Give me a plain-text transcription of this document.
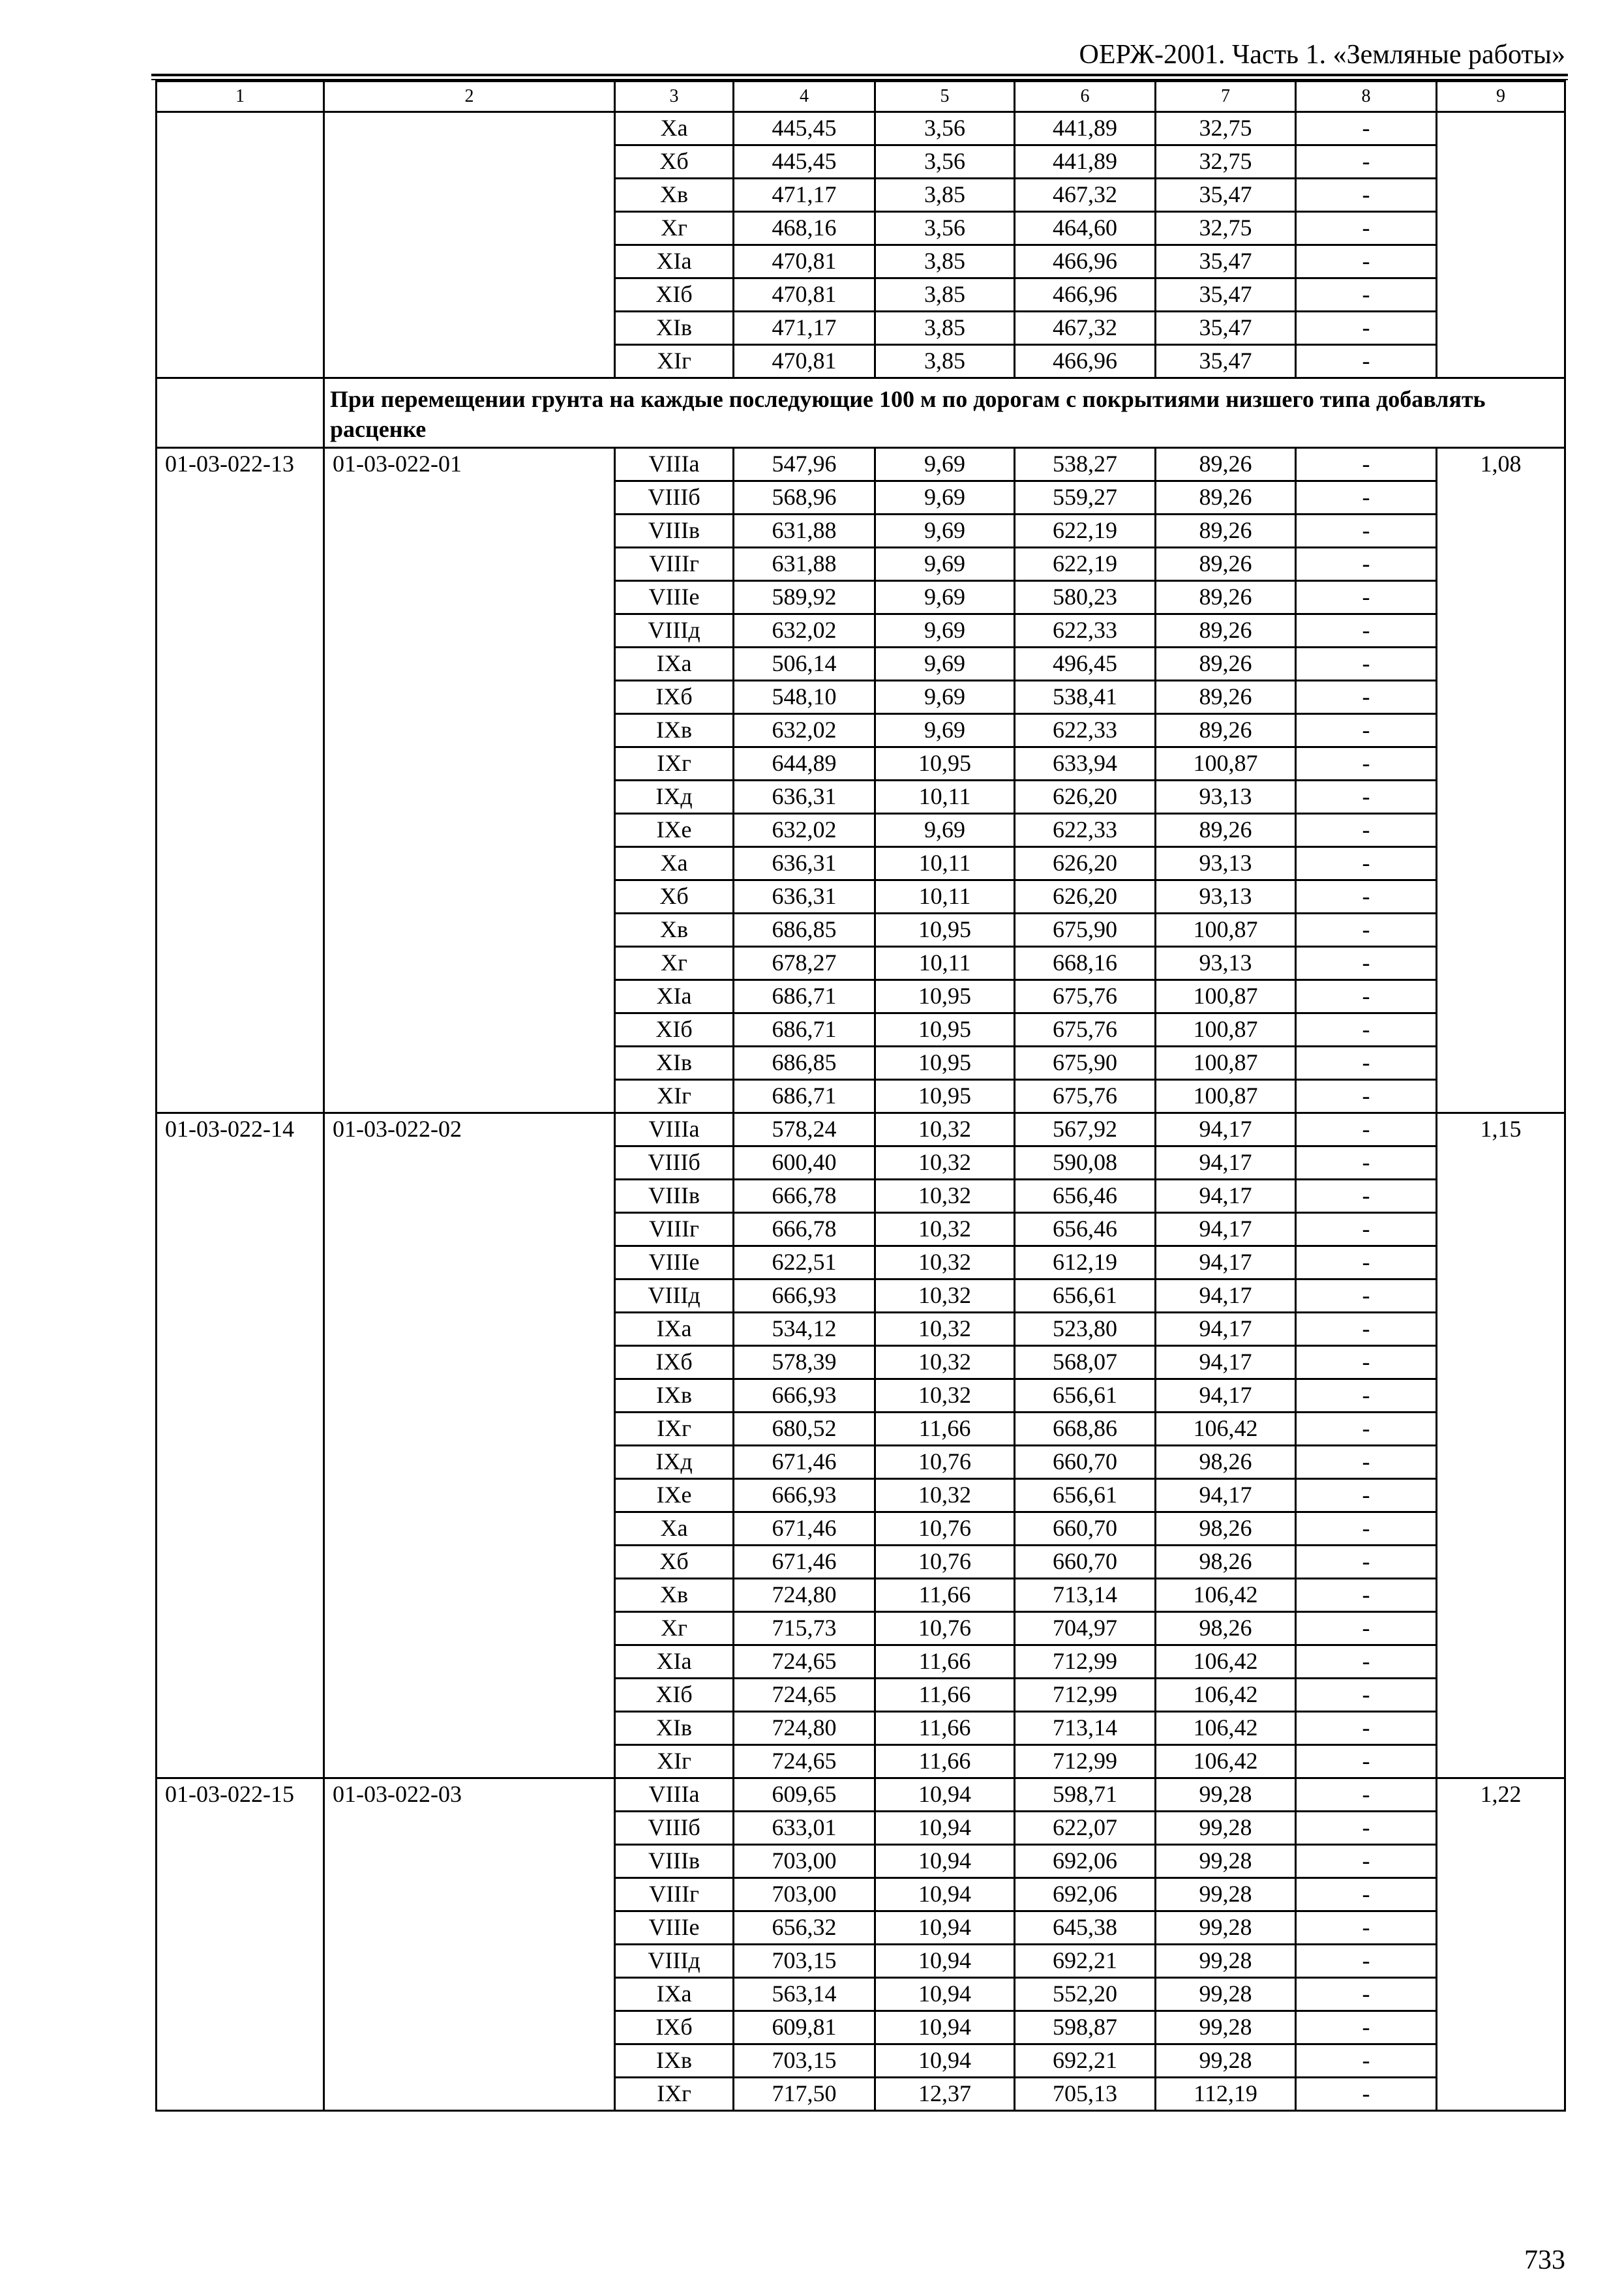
ОЕРЖ-2001. Часть 1. «Земляные работы»
1	2	3	4	5	6	7	8	9
		Xa	445,45	3,56	441,89	32,75	-	
		Xб	445,45	3,56	441,89	32,75	-	
		Xв	471,17	3,85	467,32	35,47	-	
		Xг	468,16	3,56	464,60	32,75	-	
		XIa	470,81	3,85	466,96	35,47	-	
		XIб	470,81	3,85	466,96	35,47	-	
		XIв	471,17	3,85	467,32	35,47	-	
		XIг	470,81	3,85	466,96	35,47	-	
	При перемещении грунта на каждые последующие 100 м по дорогам с покрытиями низшего типа добавлять расценке							
01-03-022-13	01-03-022-01	VIIIa	547,96	9,69	538,27	89,26	-	1,08
		VIIIб	568,96	9,69	559,27	89,26	-	
		VIIIв	631,88	9,69	622,19	89,26	-	
		VIIIг	631,88	9,69	622,19	89,26	-	
		VIIIe	589,92	9,69	580,23	89,26	-	
		VIIIд	632,02	9,69	622,33	89,26	-	
		IXa	506,14	9,69	496,45	89,26	-	
		IXб	548,10	9,69	538,41	89,26	-	
		IXв	632,02	9,69	622,33	89,26	-	
		IXг	644,89	10,95	633,94	100,87	-	
		IXд	636,31	10,11	626,20	93,13	-	
		IXe	632,02	9,69	622,33	89,26	-	
		Xa	636,31	10,11	626,20	93,13	-	
		Xб	636,31	10,11	626,20	93,13	-	
		Xв	686,85	10,95	675,90	100,87	-	
		Xг	678,27	10,11	668,16	93,13	-	
		XIa	686,71	10,95	675,76	100,87	-	
		XIб	686,71	10,95	675,76	100,87	-	
		XIв	686,85	10,95	675,90	100,87	-	
		XIг	686,71	10,95	675,76	100,87	-	
01-03-022-14	01-03-022-02	VIIIa	578,24	10,32	567,92	94,17	-	1,15
		VIIIб	600,40	10,32	590,08	94,17	-	
		VIIIв	666,78	10,32	656,46	94,17	-	
		VIIIг	666,78	10,32	656,46	94,17	-	
		VIIIe	622,51	10,32	612,19	94,17	-	
		VIIIд	666,93	10,32	656,61	94,17	-	
		IXa	534,12	10,32	523,80	94,17	-	
		IXб	578,39	10,32	568,07	94,17	-	
		IXв	666,93	10,32	656,61	94,17	-	
		IXг	680,52	11,66	668,86	106,42	-	
		IXд	671,46	10,76	660,70	98,26	-	
		IXe	666,93	10,32	656,61	94,17	-	
		Xa	671,46	10,76	660,70	98,26	-	
		Xб	671,46	10,76	660,70	98,26	-	
		Xв	724,80	11,66	713,14	106,42	-	
		Xг	715,73	10,76	704,97	98,26	-	
		XIa	724,65	11,66	712,99	106,42	-	
		XIб	724,65	11,66	712,99	106,42	-	
		XIв	724,80	11,66	713,14	106,42	-	
		XIг	724,65	11,66	712,99	106,42	-	
01-03-022-15	01-03-022-03	VIIIa	609,65	10,94	598,71	99,28	-	1,22
		VIIIб	633,01	10,94	622,07	99,28	-	
		VIIIв	703,00	10,94	692,06	99,28	-	
		VIIIг	703,00	10,94	692,06	99,28	-	
		VIIIe	656,32	10,94	645,38	99,28	-	
		VIIIд	703,15	10,94	692,21	99,28	-	
		IXa	563,14	10,94	552,20	99,28	-	
		IXб	609,81	10,94	598,87	99,28	-	
		IXв	703,15	10,94	692,21	99,28	-	
		IXг	717,50	12,37	705,13	112,19	-	
733
